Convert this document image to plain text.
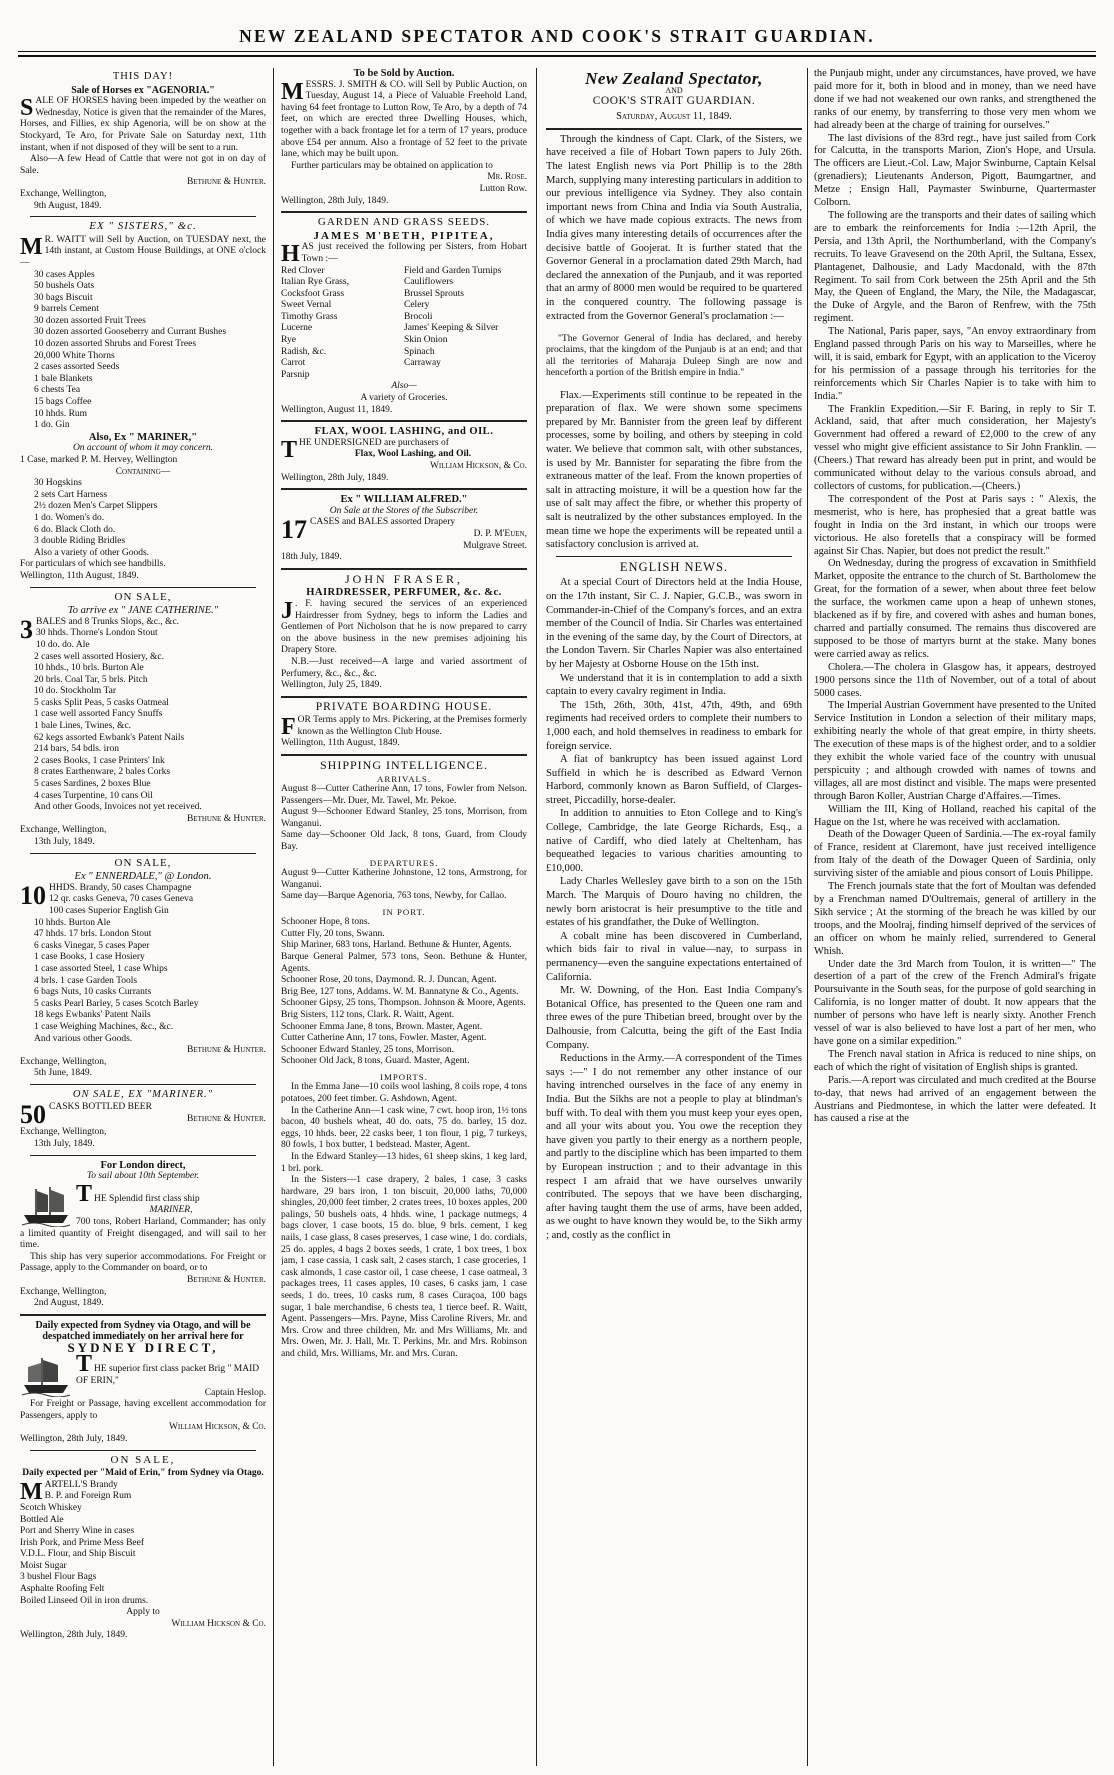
NEW ZEALAND SPECTATOR AND COOK'S STRAIT GUARDIAN.
THIS DAY!
Sale of Horses ex "AGENORIA."
SALE OF HORSES having been impeded by the weather on Wednesday, Notice is given that the remainder of the Mares, Horses, and Fillies, ex ship Agenoria, will be on show at the Stockyard, Te Aro, for Private Sale on Saturday next, 11th instant, when if not disposed of they will be sent to a run.
Also—A few Head of Cattle that were not got in on day of Sale.
Bethune & Hunter.
Exchange, Wellington,
9th August, 1849.
EX " SISTERS," &c.
M R. WAITT will Sell by Auction, on TUESDAY next, the 14th instant, at Custom House Buildings, at ONE o'clock—
30 cases Apples
50 bushels Oats
30 bags Biscuit
9 barrels Cement
30 dozen assorted Fruit Trees
30 dozen assorted Gooseberry and Currant Bushes
10 dozen assorted Shrubs and Forest Trees
20,000 White Thorns
2 cases assorted Seeds
1 bale Blankets
6 chests Tea
15 bags Coffee
10 hhds. Rum
1 do. Gin
Also, Ex " MARINER,"
On account of whom it may concern.
1 Case, marked P. M. Hervey, Wellington
Containing—
30 Hogskins
2 sets Cart Harness
2½ dozen Men's Carpet Slippers
1 do. Women's do.
6 do. Black Cloth do.
3 double Riding Bridles
Also a variety of other Goods.
For particulars of which see handbills.
Wellington, 11th August, 1849.
ON SALE,
To arrive ex " JANE CATHERINE."
3 BALES and 8 Trunks Slops, &c., &c.
30 hhds. Thorne's London Stout
10 do. do. Ale
2 cases well assorted Hosiery, &c.
10 hhds., 10 brls. Burton Ale
20 brls. Coal Tar, 5 brls. Pitch
10 do. Stockholm Tar
5 casks Split Peas, 5 casks Oatmeal
1 case well assorted Fancy Snuffs
1 bale Lines, Twines, &c.
62 kegs assorted Ewbank's Patent Nails
214 bars, 54 bdls. iron
2 cases Books, 1 case Printers' Ink
8 crates Earthenware, 2 bales Corks
5 cases Sardines, 2 boxes Blue
4 cases Turpentine, 10 cans Oil
And other Goods, Invoices not yet received.
Bethune & Hunter.
Exchange, Wellington,
13th July, 1849.
ON SALE,
Ex " ENNERDALE," @ London.
10 HHDS. Brandy, 50 cases Champagne
12 qr. casks Geneva, 70 cases Geneva
100 cases Superior English Gin
10 hhds. Burton Ale
47 hhds. 17 brls. London Stout
6 casks Vinegar, 5 cases Paper
1 case Books, 1 case Hosiery
1 case assorted Steel, 1 case Whips
4 brls. 1 case Garden Tools
6 bags Nuts, 10 casks Currants
5 casks Pearl Barley, 5 cases Scotch Barley
18 kegs Ewbanks' Patent Nails
1 case Weighing Machines, &c., &c.
And various other Goods.
Bethune & Hunter.
Exchange, Wellington,
5th June, 1849.
ON SALE, EX "MARINER."
50 CASKS BOTTLED BEER
Bethune & Hunter.
Exchange, Wellington,
13th July, 1849.
For London direct,
To sail about 10th September.
THE Splendid first class ship
MARINER,
700 tons, Robert Harland, Commander; has only a limited quantity of Freight disengaged, and will sail to her time.
This ship has very superior accommodations. For Freight or Passage, apply to the Commander on board, or to
Bethune & Hunter.
Exchange, Wellington,
2nd August, 1849.
Daily expected from Sydney via Otago, and will be despatched immediately on her arrival here for
SYDNEY DIRECT,
THE superior first class packet Brig " MAID OF ERIN,"
Captain Heslop.
For Freight or Passage, having excellent accommodation for Passengers, apply to
William Hickson, & Co.
Wellington, 28th July, 1849.
ON SALE,
Daily expected per "Maid of Erin," from Sydney via Otago.
M ARTELL'S Brandy
B. P. and Foreign Rum
Scotch Whiskey
Bottled Ale
Port and Sherry Wine in cases
Irish Pork, and Prime Mess Beef
V.D.L. Flour, and Ship Biscuit
Moist Sugar
3 bushel Flour Bags
Asphalte Roofing Felt
Boiled Linseed Oil in iron drums.
Apply to
William Hickson & Co.
Wellington, 28th July, 1849.
To be Sold by Auction.
MESSRS. J. SMITH & CO. will Sell by Public Auction, on Tuesday, August 14, a Piece of Valuable Freehold Land, having 64 feet frontage to Lutton Row, Te Aro, by a depth of 74 feet, on which are erected three Dwelling Houses, which, together with a back frontage let for a term of 17 years, produce above £54 per annum. Also a frontage of 52 feet to the private lane, which may be built upon.
Further particulars may be obtained on application to
Mr. Rose.
Lutton Row.
Wellington, 28th July, 1849.
GARDEN AND GRASS SEEDS.
JAMES M'BETH, PIPITEA,
HAS just received the following per Sisters, from Hobart Town :—
Red Clover
Italian Rye Grass,
Cocksfoot Grass
Sweet Vernal
Timothy Grass
Lucerne
Rye
Radish, &c.
Carrot
Parsnip
Field and Garden Turnips
Cauliflowers
Brussel Sprouts
Celery
Brocoli
James' Keeping & Silver
Skin Onion
Spinach
Carraway
Also—
A variety of Groceries.
Wellington, August 11, 1849.
FLAX, WOOL LASHING, and OIL.
THE UNDERSIGNED are purchasers of
Flax, Wool Lashing, and Oil.
William Hickson, & Co.
Wellington, 28th July, 1849.
Ex " WILLIAM ALFRED."
On Sale at the Stores of the Subscriber.
17 CASES and BALES assorted Drapery
D. P. M'Euen,
Mulgrave Street.
18th July, 1849.
JOHN FRASER,
HAIRDRESSER, PERFUMER, &c. &c.
J . F. having secured the services of an experienced Hairdresser from Sydney, begs to inform the Ladies and Gentlemen of Port Nicholson that he is now prepared to carry on the above business in the new premises adjoining his Drapery Store.
N.B.—Just received—A large and varied assortment of Perfumery, &c., &c., &c.
Wellington, July 25, 1849.
PRIVATE BOARDING HOUSE.
FOR Terms apply to Mrs. Pickering, at the Premises formerly known as the Wellington Club House.
Wellington, 11th August, 1849.
SHIPPING INTELLIGENCE.
ARRIVALS.
August 8—Cutter Catherine Ann, 17 tons, Fowler from Nelson. Passengers—Mr. Duer, Mr. Tawel, Mr. Pekoe.
August 9—Schooner Edward Stanley, 25 tons, Morrison, from Wanganui.
Same day—Schooner Old Jack, 8 tons, Guard, from Cloudy Bay.
DEPARTURES.
August 9—Cutter Katherine Johnstone, 12 tons, Armstrong, for Wanganui.
Same day—Barque Agenoria, 763 tons, Newby, for Callao.
IN PORT.
Schooner Hope, 8 tons.
Cutter Fly, 20 tons, Swann.
Ship Mariner, 683 tons, Harland. Bethune & Hunter, Agents.
Barque General Palmer, 573 tons, Seon. Bethune & Hunter, Agents.
Schooner Rose, 20 tons, Daymond. R. J. Duncan, Agent.
Brig Bee, 127 tons, Addams. W. M. Bannatyne & Co., Agents.
Schooner Gipsy, 25 tons, Thompson. Johnson & Moore, Agents.
Brig Sisters, 112 tons, Clark. R. Waitt, Agent.
Schooner Emma Jane, 8 tons, Brown. Master, Agent.
Cutter Catherine Ann, 17 tons, Fowler. Master, Agent.
Schooner Edward Stanley, 25 tons, Morrison.
Schooner Old Jack, 8 tons, Guard. Master, Agent.
IMPORTS.
In the Emma Jane—10 coils wool lashing, 8 coils rope, 4 tons potatoes, 200 feet timber. G. Ashdown, Agent.
In the Catherine Ann—1 cask wine, 7 cwt. hoop iron, 1½ tons bacon, 40 bushels wheat, 40 do. oats, 75 do. barley, 15 doz. eggs, 10 hhds. beer, 22 casks beer, 1 ton flour, 1 pig, 7 turkeys, 80 fowls, 1 box butter, 1 bedstead. Master, Agent.
In the Edward Stanley—13 hides, 61 sheep skins, 1 keg lard, 1 brl. pork.
In the Sisters—1 case drapery, 2 bales, 1 case, 3 casks hardware, 29 bars iron, 1 ton biscuit, 20,000 laths, 70,000 shingles, 20,000 feet timber, 2 crates trees, 10 boxes apples, 200 palings, 50 bushels oats, 4 hhds. wine, 1 package nutmegs, 4 bags clover, 1 case boots, 15 do. blue, 9 brls. cement, 1 keg nails, 1 case glass, 8 cases preserves, 1 case wine, 1 do. cordials, 25 do. apples, 4 bags 2 boxes seeds, 1 crate, 1 box trees, 1 box jam, 1 case cassia, 1 cask salt, 2 cases starch, 1 case groceries, 1 cask almonds, 1 case castor oil, 1 case cheese, 1 case oatmeal, 3 packages trees, 11 cases apples, 10 cases, 6 casks jam, 1 case seeds, 1 do. trees, 10 casks rum, 8 cases Curaçoa, 100 bags sugar, 1 bale merchandise, 6 chests tea, 1 tierce beef. R. Waitt, Agent. Passengers—Mrs. Payne, Miss Caroline Rivers, Mr. and Mrs. Crow and three children, Mr. and Mrs Williams, Mr. and Mrs. Owen, Mr. J. Hall, Mr. T. Perkins, Mr. and Mrs. Robinson and child, Mrs. Williams, Mr. and Mrs. Curan.
New Zealand Spectator,
AND
COOK'S STRAIT GUARDIAN.
Saturday, August 11, 1849.

Through the kindness of Capt. Clark, of the Sisters, we have received a file of Hobart Town papers to July 26th. The latest English news via Port Phillip is to the 28th March, supplying many interesting particulars in addition to our previous intelligence via Sydney. They also contain important news from China and India via South Australia, of which we have made copious extracts. The news from India gives many interesting details of occurrences after the decisive battle of Goojerat. It is further stated that the Governor General in a proclamation dated 29th March, had declared the annexation of the Punjaub, and it was reported that an army of 8000 men would be required to be quartered in the conquered country. The following passage is extracted from the Governor General's proclamation :—

"The Governor General of India has declared, and hereby proclaims, that the kingdom of the Punjaub is at an end; and that all the territories of Maharaja Duleep Singh are now and henceforth a portion of the British empire in India."

Flax.—Experiments still continue to be repeated in the preparation of flax. We were shown some specimens prepared by Mr. Bannister from the green leaf by different processes, some by boiling, and others by steeping in cold water. We believe that common salt, with other substances, is used by Mr. Bannister for separating the fibre from the extraneous matter of the leaf. From the known properties of salt in attracting moisture, it will be a question how far the use of salt may affect the fibre, or whether this property of salt is neutralized by the other substances employed. In the mean time we hope the experiments will be repeated until a satisfactory conclusion is arrived at.

ENGLISH NEWS.

At a special Court of Directors held at the India House, on the 17th instant, Sir C. J. Napier, G.C.B., was sworn in Commander-in-Chief of the Company's forces, and an extra member of the Council of India. Sir Charles was entertained in the evening of the same day, by the Court of Directors, at the London Tavern. Sir Charles Napier was also entertained by her Majesty at Osborne House on the 15th inst.

We understand that it is in contemplation to add a sixth captain to every cavalry regiment in India.

The 15th, 26th, 30th, 41st, 47th, 49th, and 69th regiments had received orders to complete their numbers to 1,000 each, and hold themselves in readiness to embark for foreign service.

A fiat of bankruptcy has been issued against Lord Suffield in which he is described as Edward Vernon Harbord, commonly known as Baron Suffield, of Clarges-street, Piccadilly, horse-dealer.

In addition to annuities to Eton College and to King's College, Cambridge, the late George Richards, Esq., a native of Cardiff, who died lately at Cheltenham, has bequeathed legacies to various charities amounting to £10,000.

Lady Charles Wellesley gave birth to a son on the 15th March. The Marquis of Douro having no children, the newly born aristocrat is heir presumptive to the title and estates of his grandfather, the Duke of Wellington.

A cobalt mine has been discovered in Cumberland, which bids fair to rival in value—nay, to surpass in permanency—even the sanguine expectations entertained of California.

Mr. W. Downing, of the Hon. East India Company's Botanical Office, has presented to the Queen one ram and three ewes of the pure Thibetian breed, brought over by the Dalhousie, from Calcutta, being the gift of the East India Company.

Reductions in the Army.—A correspondent of the Times says :—" I do not remember any other instance of our having intrenched ourselves in the face of any enemy in India. But the Sikhs are not a people to play at blindman's buff with. To deal with them you must keep your eyes open, and all your wits about you. You owe the reception they have given you partly to their energy as a northern people, and partly to the discipline which has been imparted to them by European instruction ; and to their advantage in this respect I am afraid that we have ourselves unwarily contributed. The sepoys that we have been discharging, after having taught them the use of arms, have been added, as we ought to have known they would be, to the Sikh army ; and, costly as the conflict in

the Punjaub might, under any circumstances, have proved, we have paid more for it, both in blood and in money, than we need have done if we had not weakened our own ranks, and strengthened the ranks of our enemy, by transferring to those very men whom we had already been at the charge of training for ourselves."

The last divisions of the 83rd regt., have just sailed from Cork for Calcutta, in the transports Marion, Zion's Hope, and Ursula. The officers are Lieut.-Col. Law, Major Swinburne, Captain Kelsal (grenadiers); Lieutenants Anderson, Pigott, Baumgartner, and Metze ; Ensign Hall, Paymaster Swinburne, Quartermaster Colborn.

The following are the transports and their dates of sailing which are to embark the reinforcements for India :—12th April, the Persia, and 13th April, the Northumberland, with the Company's recruits. To leave Gravesend on the 20th April, the Sultana, Essex, Plantagenet, Dalhousie, and Lady Macdonald, with the 87th Regiment. To sail from Cork between the 25th April and the 5th May, the Queen of England, the Mary, the Nile, the Madagascar, the Duke of Argyle, and the Baron of Renfrew, with the 75th regiment.

The National, Paris paper, says, "An envoy extraordinary from England passed through Paris on his way to Marseilles, where he will, it is said, embark for Egypt, with an application to the Viceroy for his permission of a passage through his territories for the reinforcements which Sir Charles Napier is to take with him to India."

The Franklin Expedition.—Sir F. Baring, in reply to Sir T. Ackland, said, that after much consideration, her Majesty's Government had offered a reward of £2,000 to the crew of any vessel who might give efficient assistance to Sir John Franklin. —(Cheers.) That reward has already been put in print, and would be communicated without delay to the various consuls abroad, and collectors of customs, for publication.—(Cheers.)

The correspondent of the Post at Paris says : " Alexis, the mesmerist, who is here, has prophesied that a great battle was fought in India on the 3rd instant, in which our troops were victorious. He also foretells that a conspiracy will be formed against Sir Chas. Napier, but does not predict the result."

On Wednesday, during the progress of excavation in Smithfield Market, opposite the entrance to the church of St. Bartholomew the Great, for the formation of a sewer, when about three feet below the surface, the workmen came upon a heap of unhewn stones, blackened as if by fire, and covered with ashes and human bones, charred and partially consumed. The remains thus discovered are supposed to be those of martyrs burnt at the stake. Many bones were carried away as relics.

Cholera.—The cholera in Glasgow has, it appears, destroyed 1900 persons since the 11th of November, out of a total of about 5000 cases.

The Imperial Austrian Government have presented to the United Service Institution in London a selection of their military maps, exhibiting nearly the whole of that great empire, in thirty sheets. The execution of these maps is of the highest order, and to a soldier they exhibit the whole varied face of the country with unusual perspicuity ; and although crowded with names of towns and villages, all are most distinct and visible. The maps were presented through Baron Koller, Austrian Charge d'Affaires.—Times.

William the III, King of Holland, reached his capital of the Hague on the 1st, where he was received with acclamation.

Death of the Dowager Queen of Sardinia.—The ex-royal family of France, resident at Claremont, have just received intelligence from Italy of the death of the Dowager Queen of Sardinia, only surviving sister of the amiable and pious consort of Louis Philippe.

The French journals state that the fort of Moultan was defended by a Frenchman named D'Oultremais, general of artillery in the Sikh service ; At the storming of the breach he was killed by our troops, and the Moolraj, finding himself deprived of the services of an officer on whom he mainly relied, surrendered to General Whish.

Under date the 3rd March from Toulon, it is written—" The desertion of a part of the crew of the French Admiral's frigate Poursuivante in the South seas, for the purpose of gold searching in California, is no longer matter of doubt. It now appears that the number of persons who have left is nearly sixty. Another French vessel of war is also believed to have lost a part of her men, who have gone on a similar expedition."

The French naval station in Africa is reduced to nine ships, on each of which the right of visitation of English ships is granted.

Paris.—A report was circulated and much credited at the Bourse to-day, that news had arrived of an engagement between the Austrians and Piedmontese, in which the latter were defeated. It has caused a rise at the
